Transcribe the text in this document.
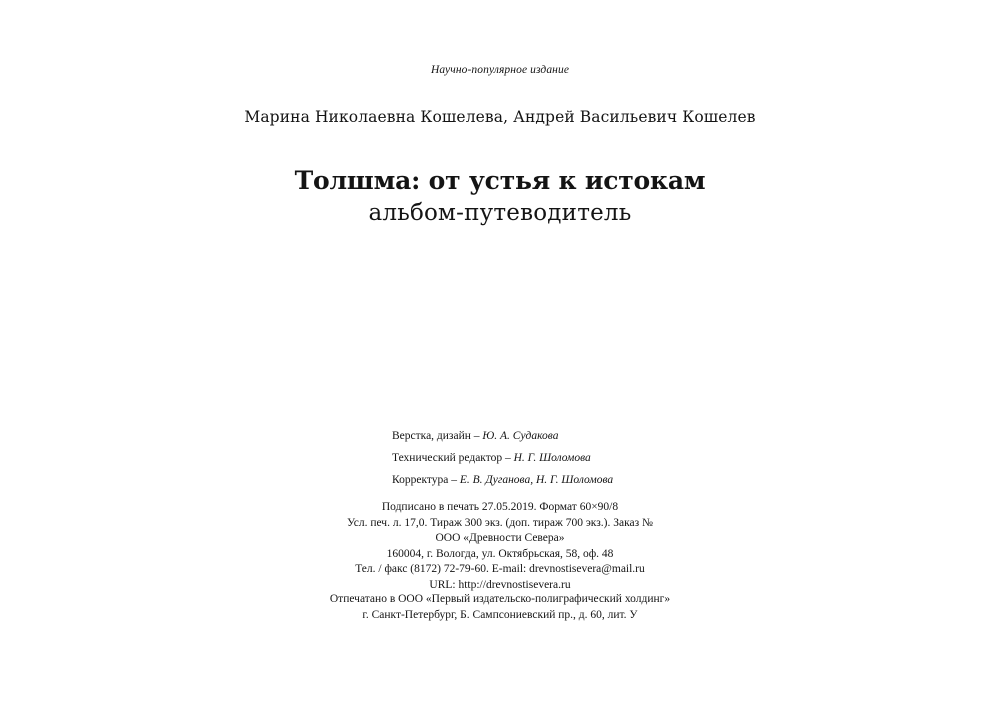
Научно-популярное издание
Марина Николаевна Кошелева, Андрей Васильевич Кошелев
Толшма: от устья к истокам
альбом-путеводитель
Верстка, дизайн – Ю. А. Судакова
Технический редактор – Н. Г. Шоломова
Корректура – Е. В. Дуганова, Н. Г. Шоломова
Подписано в печать 27.05.2019. Формат 60×90/8
Усл. печ. л. 17,0. Тираж 300 экз. (доп. тираж 700 экз.). Заказ №
ООО «Древности Севера»
160004, г. Вологда, ул. Октябрьская, 58, оф. 48
Тел. / факс (8172) 72-79-60. E-mail: drevnostisevera@mail.ru
URL: http://drevnostisevera.ru
Отпечатано в ООО «Первый издательско-полиграфический холдинг»
г. Санкт-Петербург, Б. Сампсониевский пр., д. 60, лит. У
